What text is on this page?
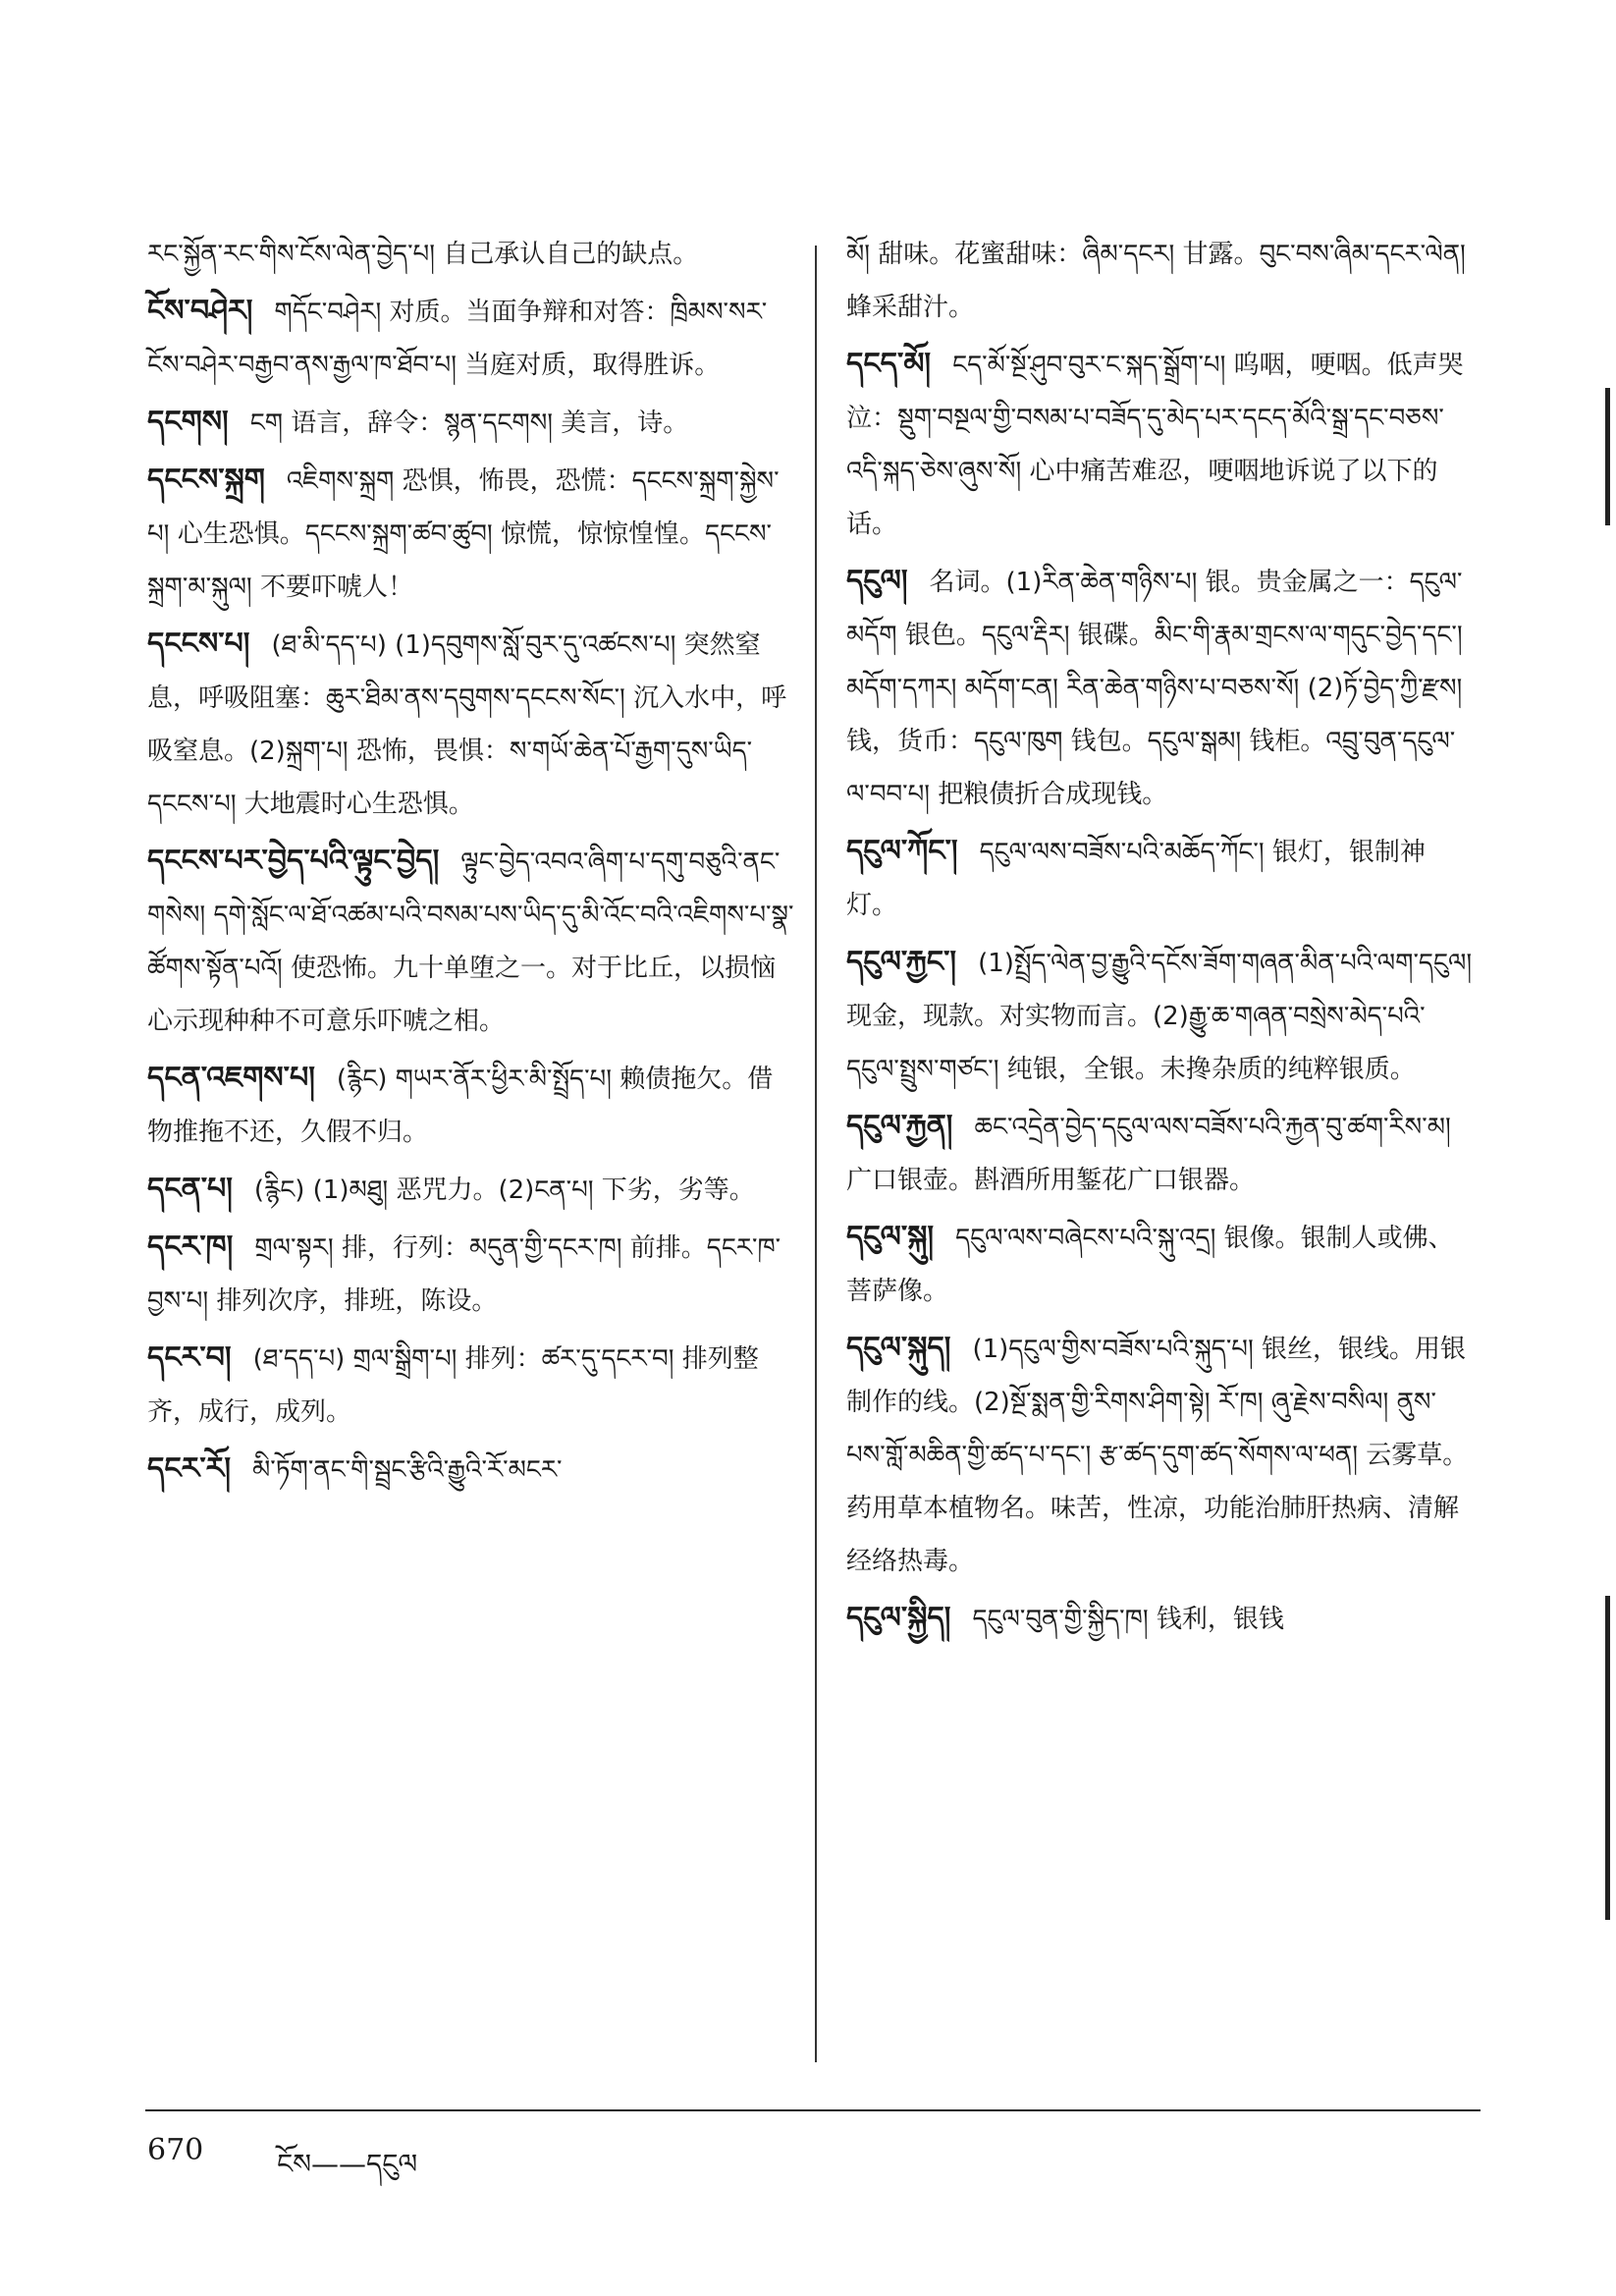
རང་སྐྱོན་རང་གིས་ངོས་ལེན་བྱེད་པ། 自己承认自己的缺点。
ངོས་བཤེར། གདོང་བཤེར། 对质。当面争辩和对答：ཁྲིམས་སར་ངོས་བཤེར་བརྒྱབ་ནས་རྒྱལ་ཁ་ཐོབ་པ། 当庭对质，取得胜诉。
དངགས། ངག 语言，辞令：སྙན་དངགས། 美言，诗。
དངངས་སྐྲག འཇིགས་སྐྲག 恐惧，怖畏，恐慌：དངངས་སྐྲག་སྐྱེས་པ། 心生恐惧。དངངས་སྐྲག་ཚབ་ཚུབ། 惊慌，惊惊惶惶。དངངས་སྐྲག་མ་སྐུལ། 不要吓唬人！
དངངས་པ། (ཐ་མི་དད་པ) (1)དབུགས་སློ་བུར་དུ་འཚངས་པ། 突然窒息，呼吸阻塞：ཆུར་ཐིམ་ནས་དབུགས་དངངས་སོང་། 沉入水中，呼吸窒息。(2)སྐྲག་པ། 恐怖，畏惧：ས་གཡོ་ཆེན་པོ་རྒྱག་དུས་ཡིད་དངངས་པ། 大地震时心生恐惧。
དངངས་པར་བྱེད་པའི་ལྟུང་བྱེད། ལྟུང་བྱེད་འབའ་ཞིག་པ་དགུ་བཅུའི་ནང་གསེས། དགེ་སློང་ལ་ཐོ་འཚམ་པའི་བསམ་པས་ཡིད་དུ་མི་འོང་བའི་འཇིགས་པ་སྣ་ཚོགས་སྟོན་པའོ། 使恐怖。九十单堕之一。对于比丘，以损恼心示现种种不可意乐吓唬之相。
དངན་འཇགས་པ། (རྙིང) གཡར་ནོར་ཕྱིར་མི་སྤྲོད་པ། 赖债拖欠。借物推拖不还，久假不归。
དངན་པ། (རྙིང) (1)མཐུ། 恶咒力。(2)ངན་པ། 下劣，劣等。
དངར་ཁ། གྲལ་སྟར། 排，行列：མདུན་གྱི་དངར་ཁ། 前排。དངར་ཁ་བྱས་པ། 排列次序，排班，陈设。
དངར་བ། (ཐ་དད་པ) གྲལ་སྒྲིག་པ། 排列：ཚར་དུ་དངར་བ། 排列整齐，成行，成列。
དངར་རོ། མི་ཏོག་ནང་གི་སྦྲང་རྩིའི་རྒྱུའི་རོ་མངར་
མོ། 甜味。花蜜甜味：ཞིམ་དངར། 甘露。བུང་བས་ཞིམ་དངར་ལེན། 蜂采甜汁。
དངད་མོ། ངད་མོ་སྔོ་ཤུབ་བུར་ང་སྐད་སྒྲོག་པ། 呜咽，哽咽。低声哭泣：སྡུག་བསྔལ་གྱི་བསམ་པ་བཟོད་དུ་མེད་པར་དངད་མོའི་སྒྲ་དང་བཅས་འདི་སྐད་ཅེས་ཞུས་སོ། 心中痛苦难忍，哽咽地诉说了以下的话。
དངུལ། 名词。(1)རིན་ཆེན་གཉིས་པ། 银。贵金属之一：དངུལ་མདོག 银色。དངུལ་རྡིར། 银碟。མིང་གི་རྣམ་གྲངས་ལ་གདུང་བྱེད་དང་། མདོག་དཀར། མདོག་ངན། རིན་ཆེན་གཉིས་པ་བཅས་སོ། (2)ཏོ་བྱེད་ཀྱི་རྫས། 钱，货币：དངུལ་ཁུག 钱包。དངུལ་སྒམ། 钱柜。འབྲུ་བུན་དངུལ་ལ་བབ་པ། 把粮债折合成现钱。
དངུལ་ཀོང་། དངུལ་ལས་བཟོས་པའི་མཆོད་ཀོང་། 银灯，银制神灯。
དངུལ་རྐྱང་། (1)སྤྲོད་ལེན་བྱ་རྒྱུའི་དངོས་ཟོག་གཞན་མིན་པའི་ལག་དངུལ། 现金，现款。对实物而言。(2)རྒྱུ་ཆ་གཞན་བསྲེས་མེད་པའི་དངུལ་སྤྲུས་གཙང་། 纯银，全银。未搀杂质的纯粹银质。
དངུལ་རྐྱན། ཆང་འདྲེན་བྱེད་དངུལ་ལས་བཟོས་པའི་རྐྱན་བུ་ཚག་རིས་མ། 广口银壶。斟酒所用錾花广口银器。
དངུལ་སྐུ། དངུལ་ལས་བཞེངས་པའི་སྐུ་འདྲ། 银像。银制人或佛、菩萨像。
དངུལ་སྐུད། (1)དངུལ་གྱིས་བཟོས་པའི་སྐུད་པ། 银丝，银线。用银制作的线。(2)སྔོ་སྨན་གྱི་རིགས་ཤིག་སྟེ། རོ་ཁ། ཞུ་རྗེས་བསིལ། ནུས་པས་གློ་མཆིན་གྱི་ཚད་པ་དང་། རྩ་ཚད་དུག་ཚད་སོགས་ལ་ཕན། 云雾草。药用草本植物名。味苦，性凉，功能治肺肝热病、清解经络热毒。
དངུལ་སྐྱིད། དངུལ་བུན་གྱི་སྐྱིད་ཁ། 钱利，银钱
670	ངོས——དངུལ
